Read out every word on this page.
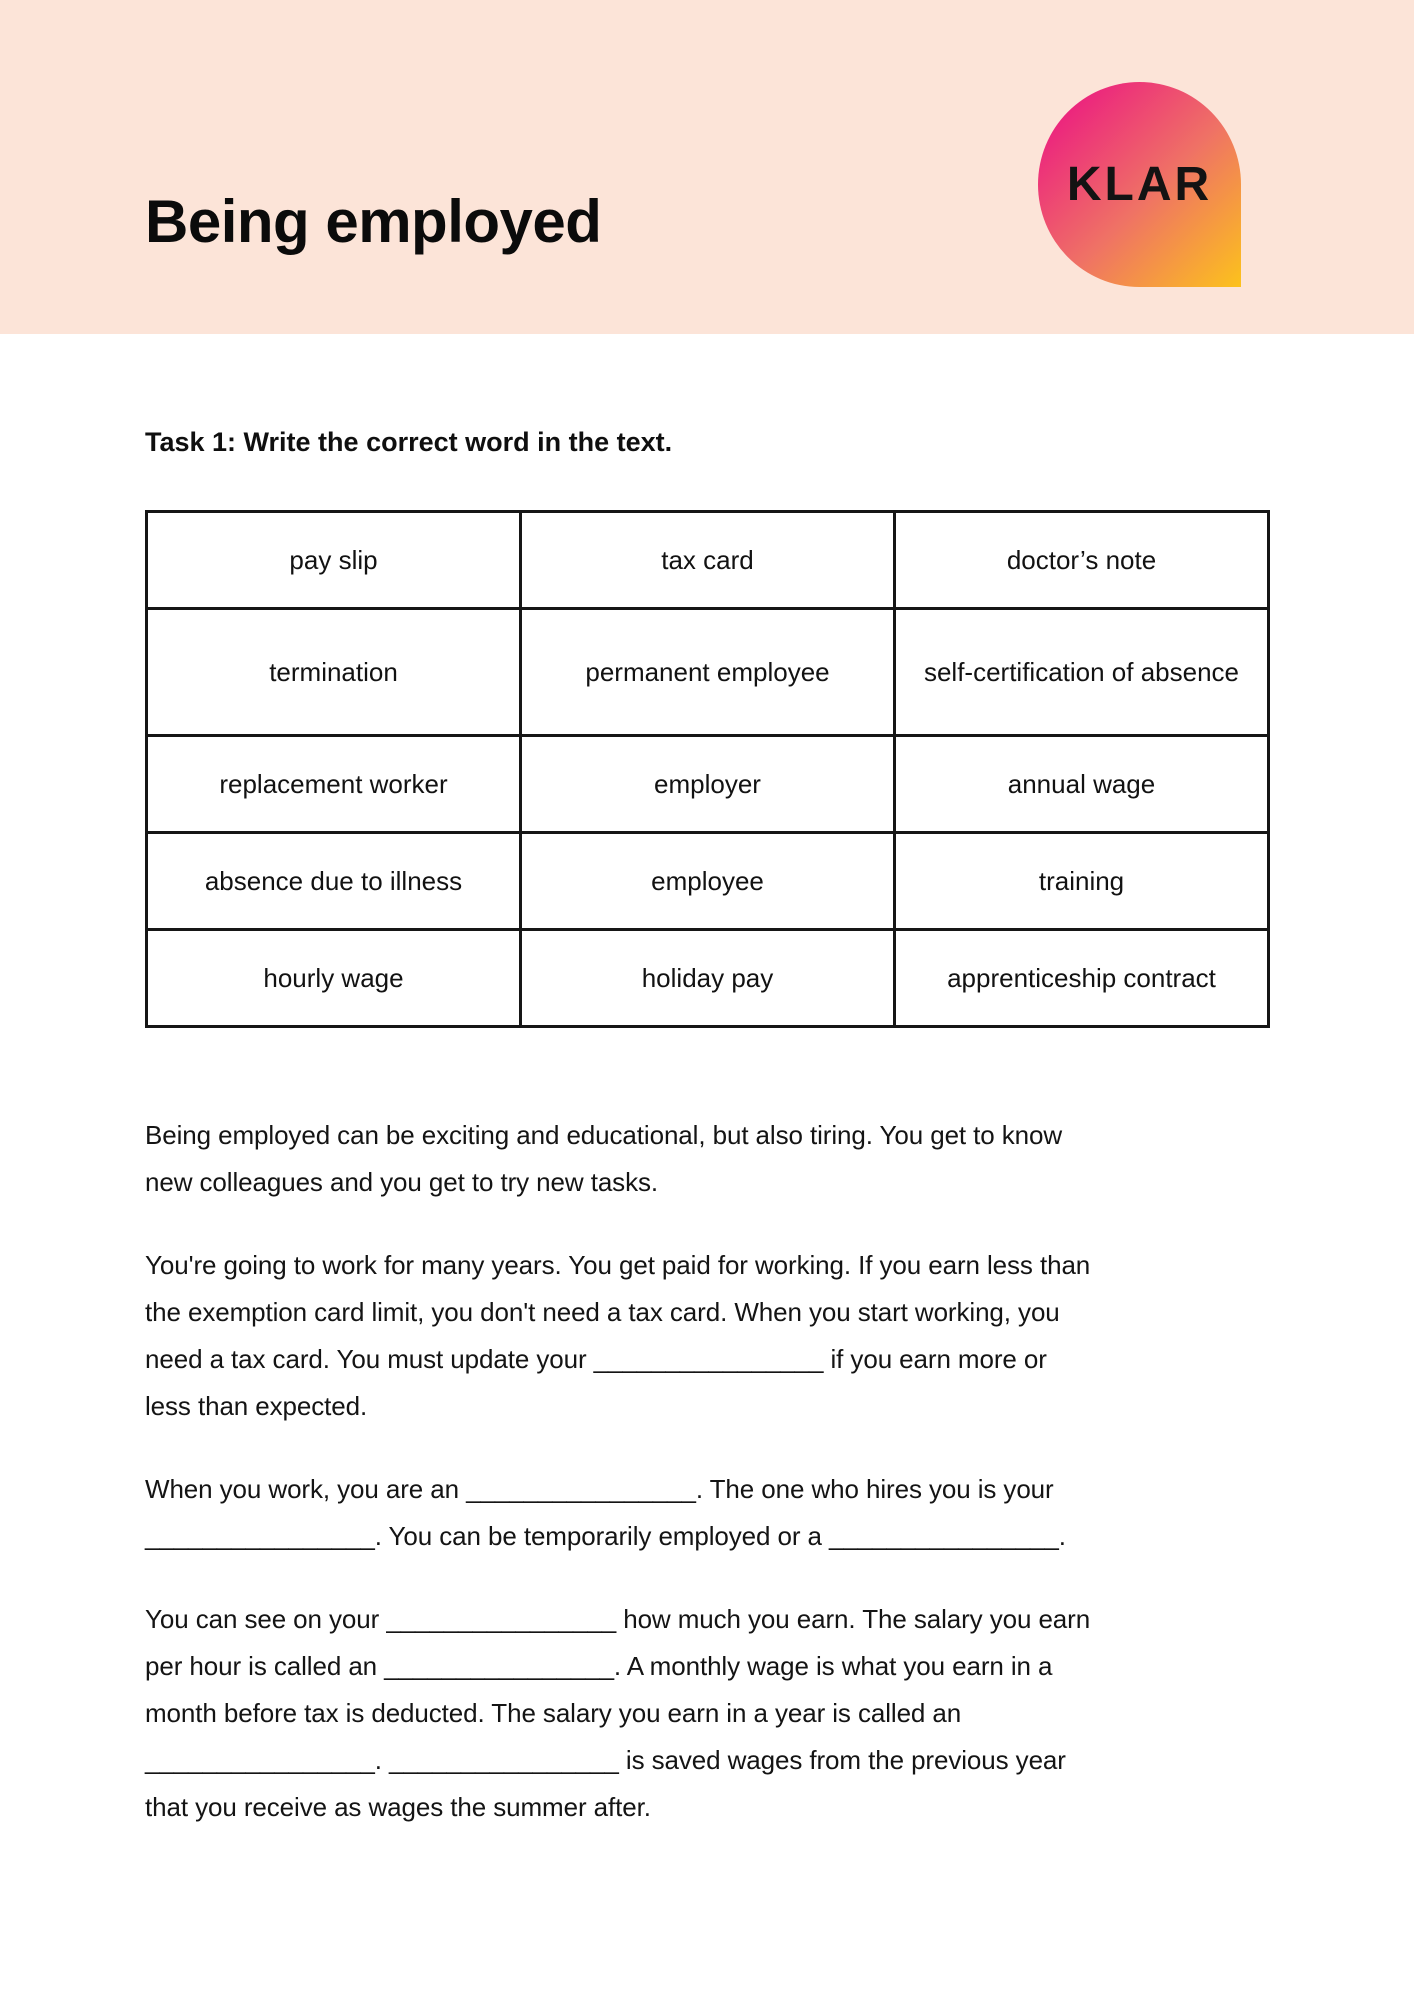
Being employed
KLAR
Task 1: Write the correct word in the text.
pay slip	tax card	doctor’s note
termination	permanent employee	self-certification of absence
replacement worker	employer	annual wage
absence due to illness	employee	training
hourly wage	holiday pay	apprenticeship contract
Being employed can be exciting and educational, but also tiring. You get to know
new colleagues and you get to try new tasks.
You're going to work for many years. You get paid for working. If you earn less than
the exemption card limit, you don't need a tax card. When you start working, you
need a tax card. You must update your ________________ if you earn more or
less than expected.
When you work, you are an ________________. The one who hires you is your
________________. You can be temporarily employed or a ________________.
You can see on your ________________ how much you earn. The salary you earn
per hour is called an ________________. A monthly wage is what you earn in a
month before tax is deducted. The salary you earn in a year is called an
________________. ________________ is saved wages from the previous year
that you receive as wages the summer after.
